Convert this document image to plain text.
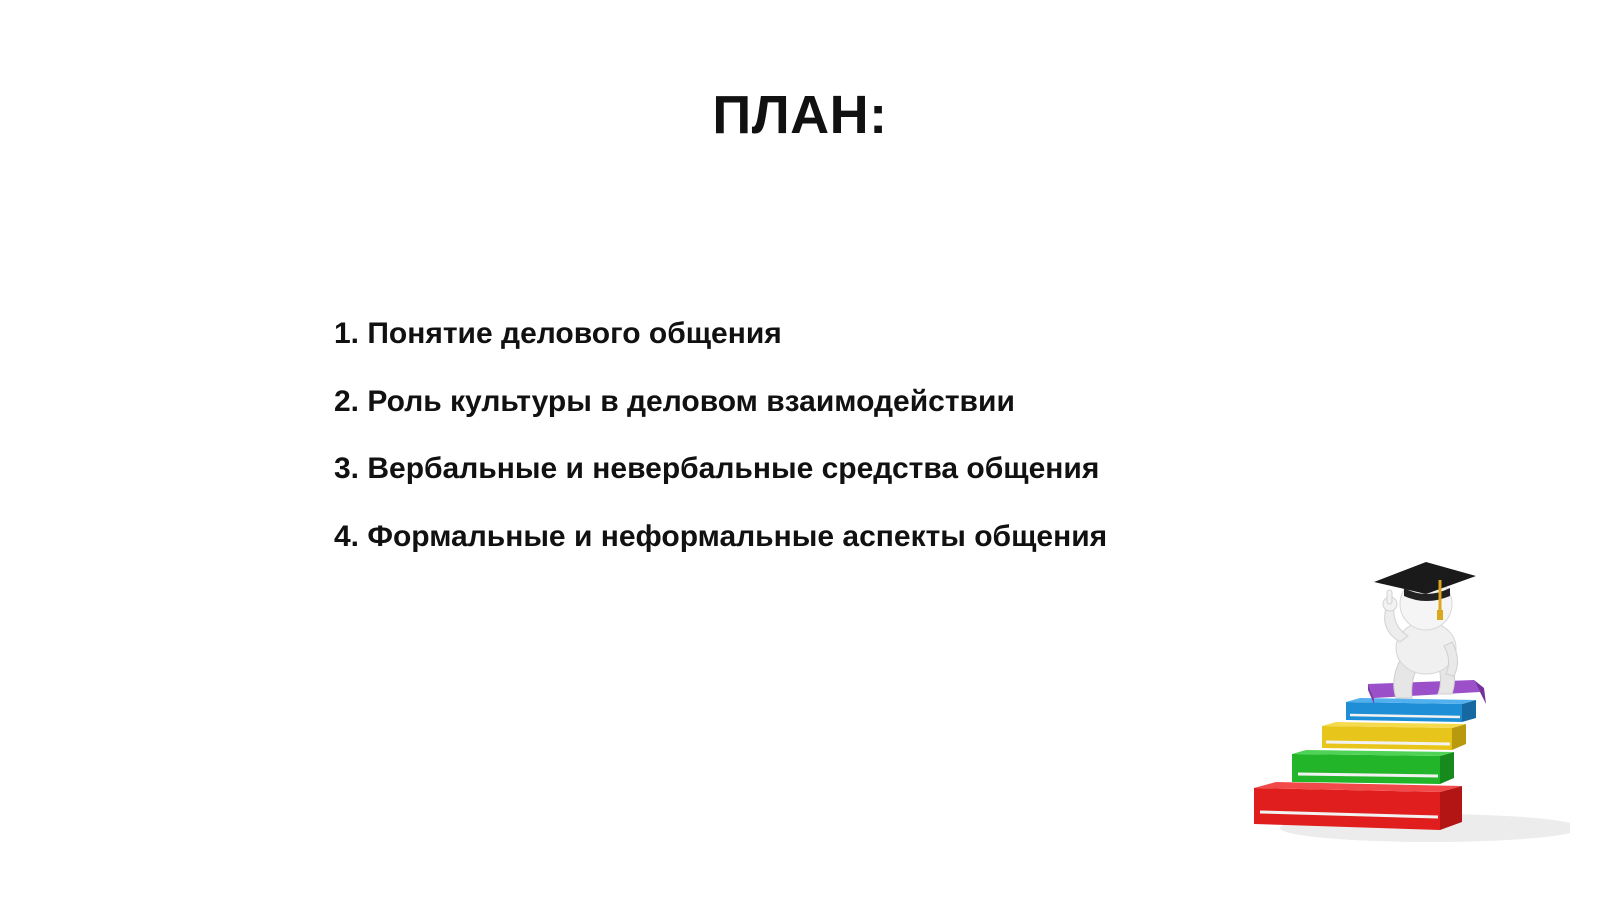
ПЛАН:
1. Понятие делового общения
2. Роль культуры в деловом взаимодействии
3. Вербальные и невербальные средства общения
4. Формальные и неформальные аспекты общения
